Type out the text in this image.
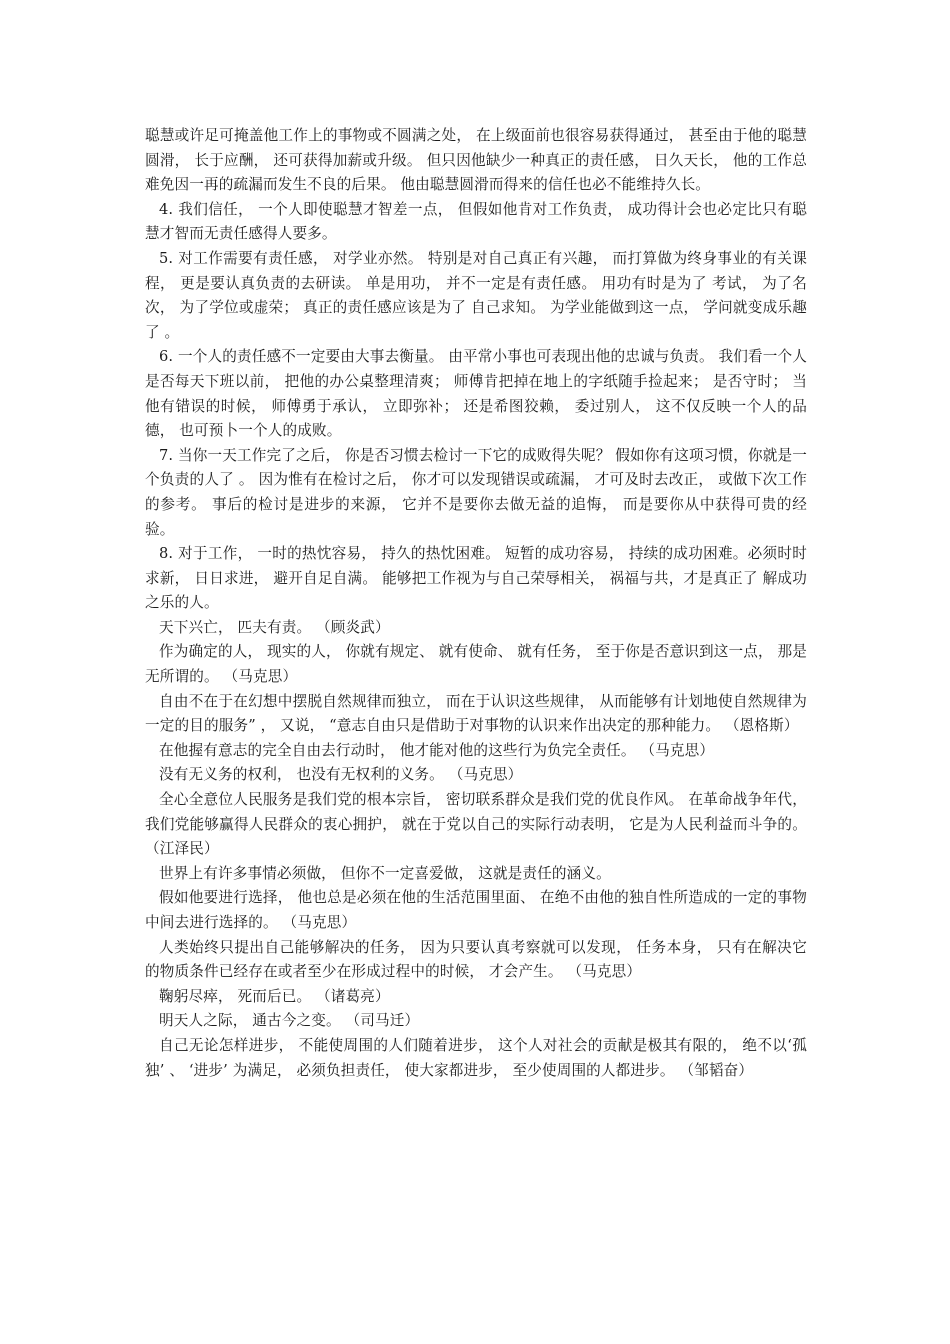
聪慧或许足可掩盖他工作上的事物或不圆满之处， 在上级面前也很容易获得通过， 甚至由于他的聪慧圆滑， 长于应酬， 还可获得加薪或升级。 但只因他缺少一种真正的责任感， 日久天长， 他的工作总难免因一再的疏漏而发生不良的后果。 他由聪慧圆滑而得来的信任也必不能维持久长。

4. 我们信任， 一个人即使聪慧才智差一点， 但假如他肯对工作负责， 成功得计会也必定比只有聪慧才智而无责任感得人要多。

5. 对工作需要有责任感， 对学业亦然。 特别是对自己真正有兴趣， 而打算做为终身事业的有关课程， 更是要认真负责的去研读。 单是用功， 并不一定是有责任感。 用功有时是为了 考试， 为了名次， 为了学位或虚荣； 真正的责任感应该是为了 自己求知。 为学业能做到这一点， 学问就变成乐趣了 。

6. 一个人的责任感不一定要由大事去衡量。 由平常小事也可表现出他的忠诚与负责。 我们看一个人是否每天下班以前， 把他的办公桌整理清爽； 师傅肯把掉在地上的字纸随手捡起来； 是否守时； 当他有错误的时候， 师傅勇于承认， 立即弥补； 还是希图狡赖， 委过别人， 这不仅反映一个人的品德， 也可预卜一个人的成败。

7. 当你一天工作完了之后， 你是否习惯去检讨一下它的成败得失呢？ 假如你有这项习惯，你就是一个负责的人了 。 因为惟有在检讨之后， 你才可以发现错误或疏漏， 才可及时去改正， 或做下次工作的参考。 事后的检讨是进步的来源， 它并不是要你去做无益的追悔， 而是要你从中获得可贵的经验。

8. 对于工作， 一时的热忱容易， 持久的热忱困难。 短暂的成功容易， 持续的成功困难。必须时时求新， 日日求进， 避开自足自满。 能够把工作视为与自己荣辱相关， 祸福与共，才是真正了 解成功之乐的人。

天下兴亡， 匹夫有责。 （顾炎武）

作为确定的人， 现实的人， 你就有规定、 就有使命、 就有任务， 至于你是否意识到这一点， 那是无所谓的。 （马克思）

自由不在于在幻想中摆脱自然规律而独立， 而在于认识这些规律， 从而能够有计划地使自然规律为一定的目的服务” ， 又说， “意志自由只是借助于对事物的认识来作出决定的那种能力。 （恩格斯）

在他握有意志的完全自由去行动时， 他才能对他的这些行为负完全责任。 （马克思）

没有无义务的权利， 也没有无权利的义务。 （马克思）

全心全意位人民服务是我们党的根本宗旨， 密切联系群众是我们党的优良作风。 在革命战争年代， 我们党能够赢得人民群众的衷心拥护， 就在于党以自己的实际行动表明， 它是为人民利益而斗争的。 （江泽民）

世界上有许多事情必须做， 但你不一定喜爱做， 这就是责任的涵义。

假如他要进行选择， 他也总是必须在他的生活范围里面、 在绝不由他的独自性所造成的一定的事物中间去进行选择的。 （马克思）

人类始终只提出自己能够解决的任务， 因为只要认真考察就可以发现， 任务本身， 只有在解决它的物质条件已经存在或者至少在形成过程中的时候， 才会产生。 （马克思）

鞠躬尽瘁， 死而后已。 （诸葛亮）

明天人之际， 通古今之变。 （司马迁）

自己无论怎样进步， 不能使周围的人们随着进步， 这个人对社会的贡献是极其有限的， 绝不以‘孤独’ 、 ‘进步’ 为满足， 必须负担责任， 使大家都进步， 至少使周围的人都进步。 （邹韬奋）
